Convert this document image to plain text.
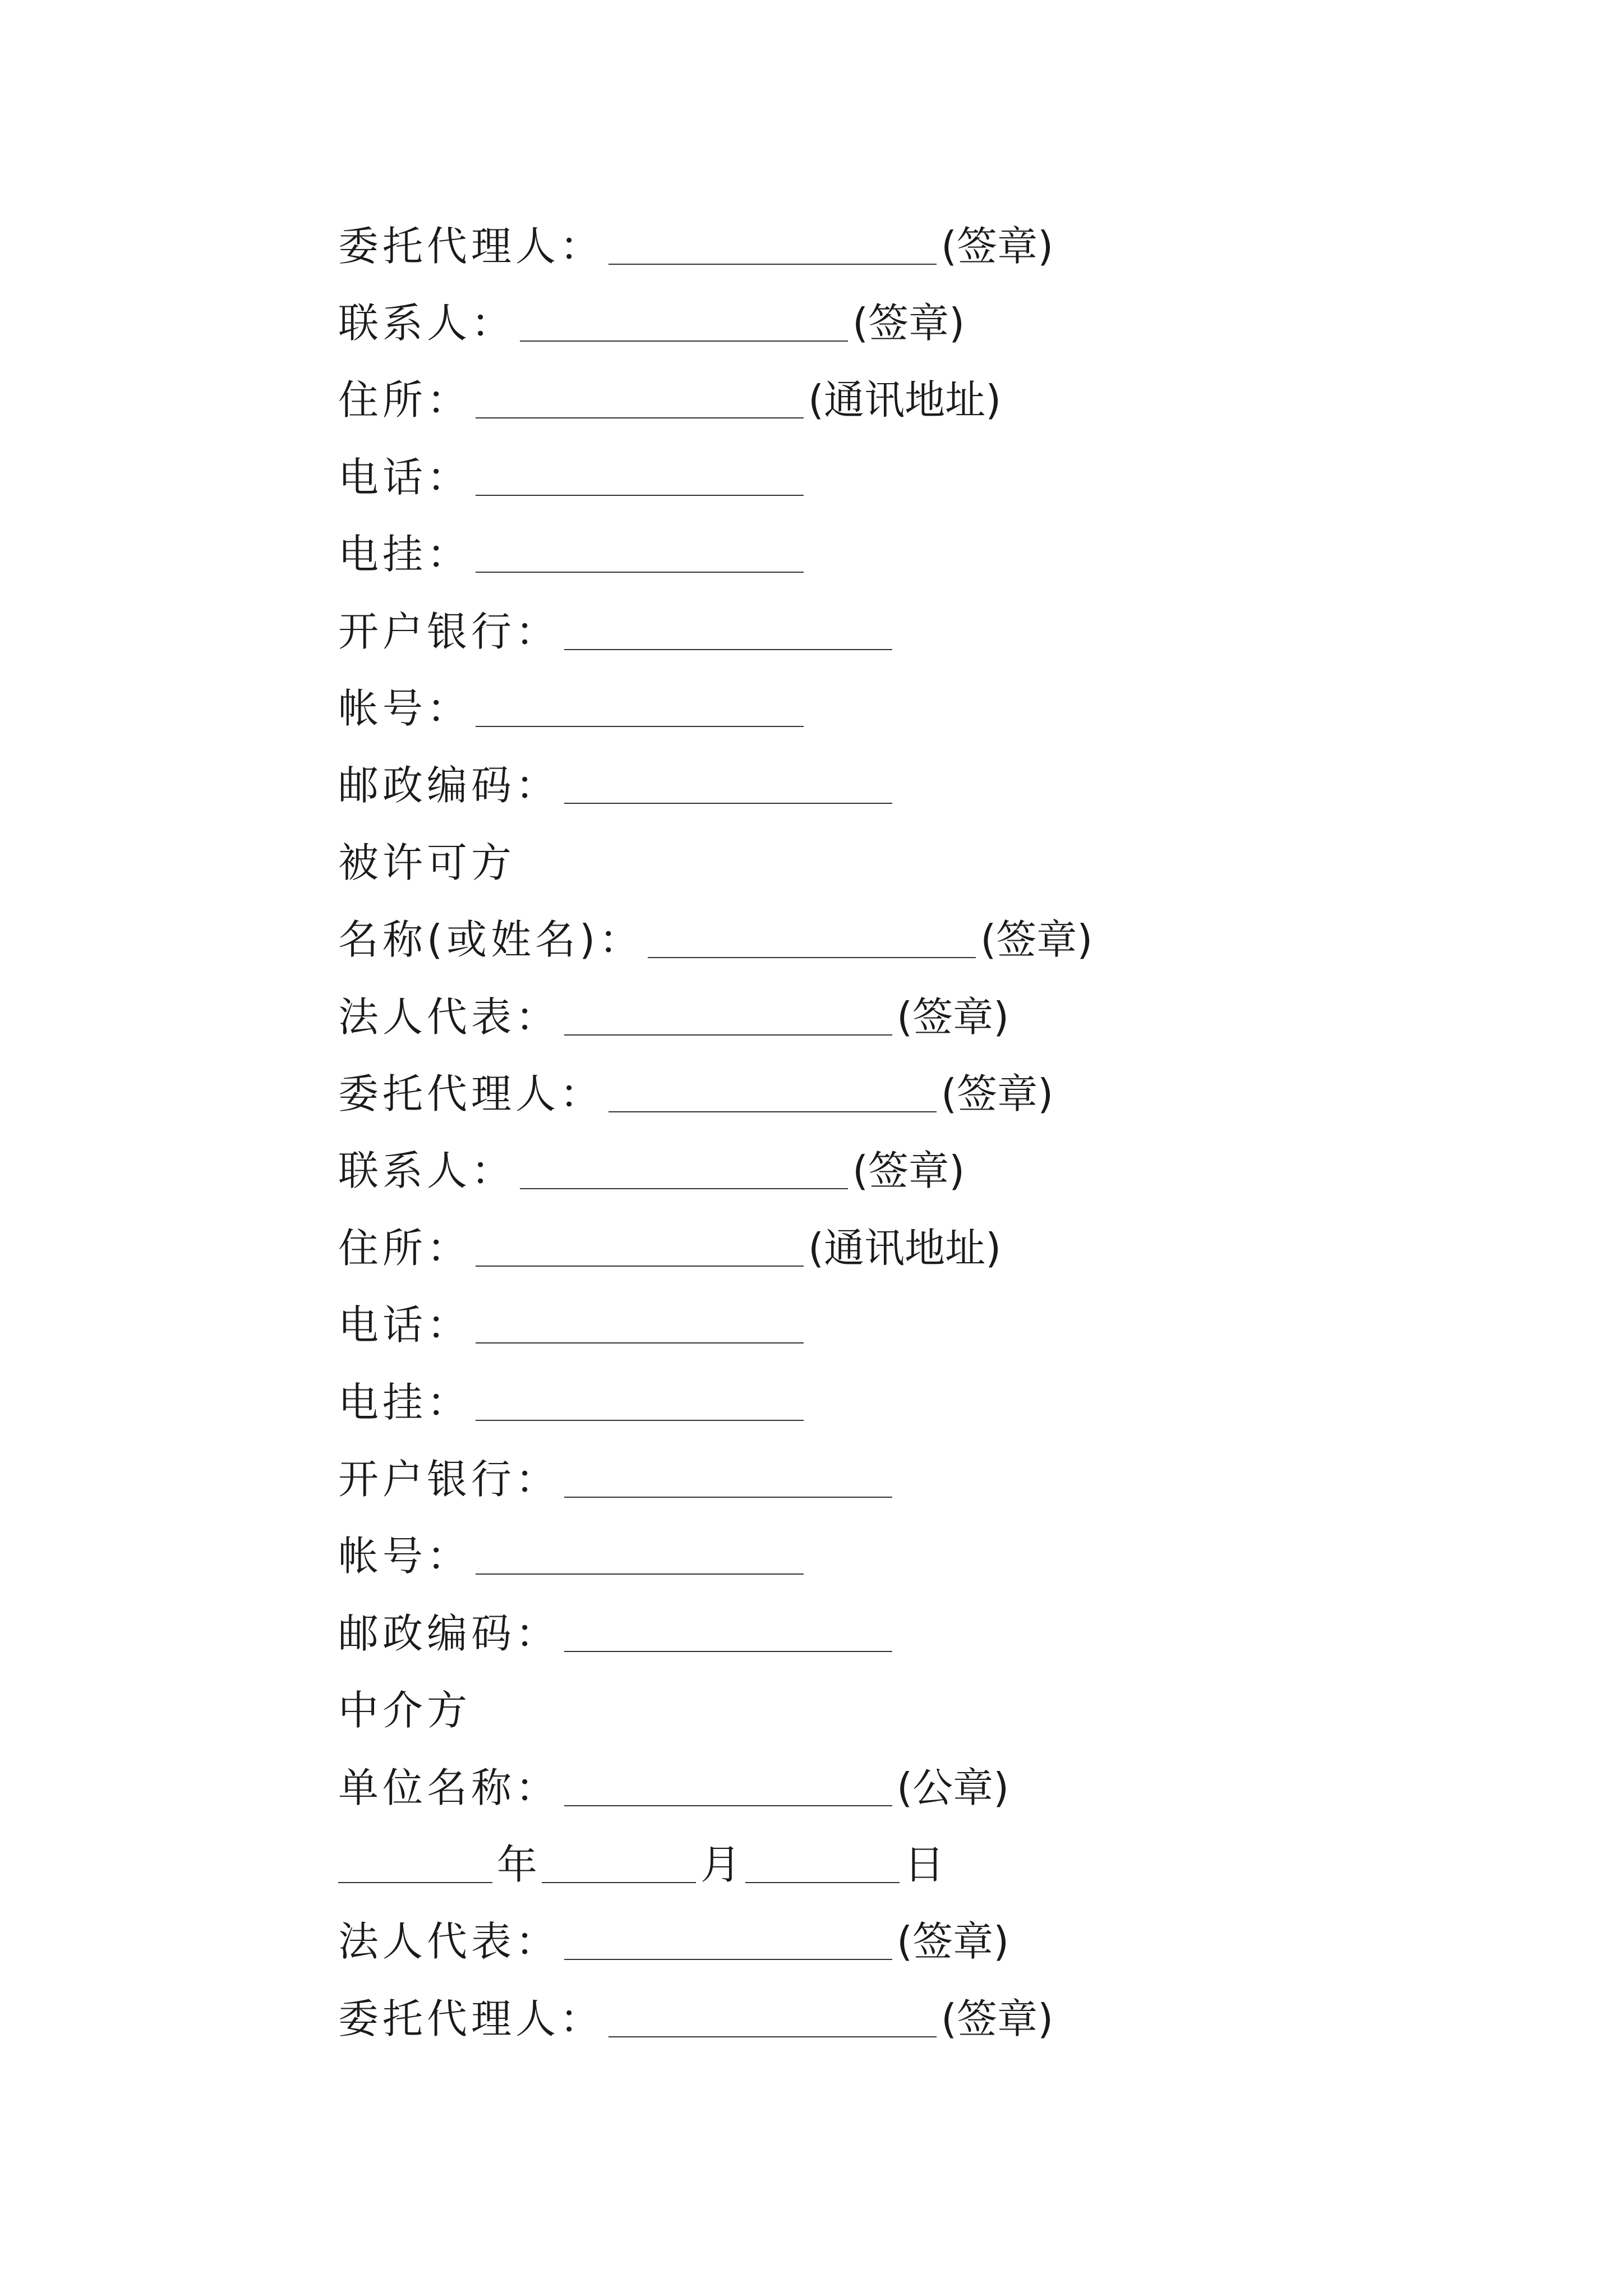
委托代理人：	(签章)
联系人：	(签章)
住所：	(通讯地址)
电话：
电挂：
开户银行：
帐号：
邮政编码：
被许可方
名称(或姓名)：	(签章)
法人代表：	(签章)
委托代理人：	(签章)
联系人：	(签章)
住所：	(通讯地址)
电话：
电挂：
开户银行：
帐号：
邮政编码：
中介方
单位名称：	(公章)
年	月	日
法人代表：	(签章)
委托代理人：	(签章)
